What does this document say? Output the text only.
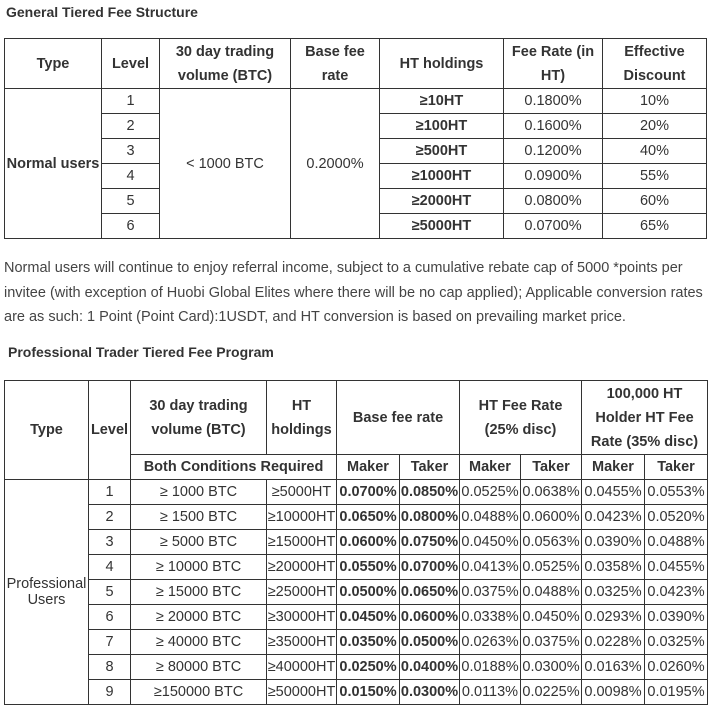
General Tiered Fee Structure
Type	Level	30 day trading volume (BTC)	Base fee rate	HT holdings	Fee Rate (in HT)	Effective Discount
Normal users	1	< 1000 BTC	0.2000%	≥10HT	0.1800%	10%
	2			≥100HT	0.1600%	20%
	3			≥500HT	0.1200%	40%
	4			≥1000HT	0.0900%	55%
	5			≥2000HT	0.0800%	60%
	6			≥5000HT	0.0700%	65%
Normal users will continue to enjoy referral income, subject to a cumulative rebate cap of 5000 *points per invitee (with exception of Huobi Global Elites where there will be no cap applied); Applicable conversion rates are as such: 1 Point (Point Card):1USDT, and HT conversion is based on prevailing market price.
Professional Trader Tiered Fee Program
Type	Level	30 day trading volume (BTC)	HT holdings	Base fee rate		HT Fee Rate (25% disc)		100,000 HT Holder HT Fee Rate (35% disc)	
		Both Conditions Required		Maker	Taker	Maker	Taker	Maker	Taker
Professional Users	1	≥ 1000 BTC	≥5000HT	0.0700%	0.0850%	0.0525%	0.0638%	0.0455%	0.0553%
	2	≥ 1500 BTC	≥10000HT	0.0650%	0.0800%	0.0488%	0.0600%	0.0423%	0.0520%
	3	≥ 5000 BTC	≥15000HT	0.0600%	0.0750%	0.0450%	0.0563%	0.0390%	0.0488%
	4	≥ 10000 BTC	≥20000HT	0.0550%	0.0700%	0.0413%	0.0525%	0.0358%	0.0455%
	5	≥ 15000 BTC	≥25000HT	0.0500%	0.0650%	0.0375%	0.0488%	0.0325%	0.0423%
	6	≥ 20000 BTC	≥30000HT	0.0450%	0.0600%	0.0338%	0.0450%	0.0293%	0.0390%
	7	≥ 40000 BTC	≥35000HT	0.0350%	0.0500%	0.0263%	0.0375%	0.0228%	0.0325%
	8	≥ 80000 BTC	≥40000HT	0.0250%	0.0400%	0.0188%	0.0300%	0.0163%	0.0260%
	9	≥150000 BTC	≥50000HT	0.0150%	0.0300%	0.0113%	0.0225%	0.0098%	0.0195%
